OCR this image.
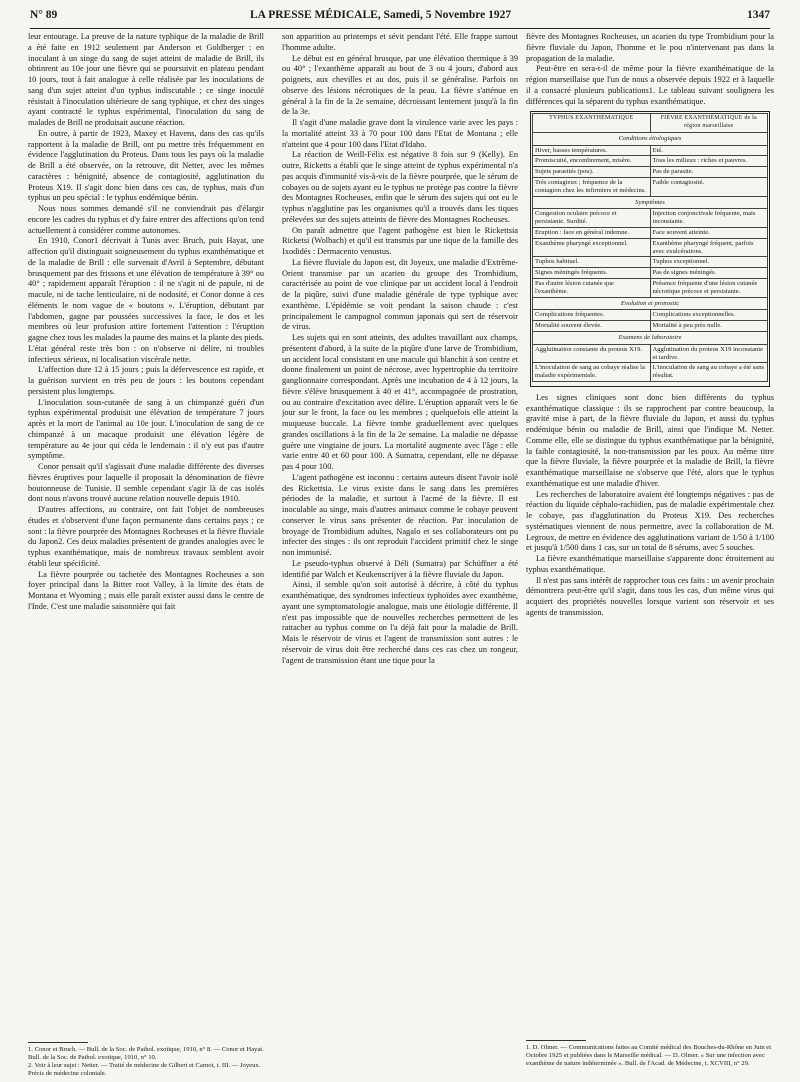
N° 89	LA PRESSE MÉDICALE, Samedi, 5 Novembre 1927	1347

leur entourage. La preuve de la nature typhique de la maladie de Brill a été faite en 1912 seulement par Anderson et Goldberger : en inoculant à un singe du sang de sujet atteint de maladie de Brill, ils obtinrent au 10e jour une fièvre qui se poursuivit en plateau pendant 10 jours, tout à fait analogue à celle réalisée par les inoculations de sang d'un sujet atteint d'un typhus indiscutable ; ce singe inoculé résistait à l'inoculation ultérieure de sang typhique, et chez des singes ayant contracté le typhus expérimental, l'inoculation du sang de malades de Brill ne produisait aucune réaction.

En outre, à partir de 1923, Maxey et Havens, dans des cas qu'ils rapportent à la maladie de Brill, ont pu mettre très fréquemment en évidence l'agglutination du Proteus. Dans tous les pays où la maladie de Brill a été observée, on la retrouve, dit Netter, avec les mêmes caractères : bénignité, absence de contagiosité, agglutination du Proteus X19. Il s'agit donc bien dans ces cas, de typhus, mais d'un typhus un peu spécial : le typhus endémique bénin.

Nous nous sommes demandé s'il ne conviendrait pas d'élargir encore les cadres du typhus et d'y faire entrer des affections qu'on tend actuellement à considérer comme autonomes.

En 1910, Conor1 décrivait à Tunis avec Bruch, puis Hayat, une affection qu'il distinguait soigneusement du typhus exanthématique et de la maladie de Brill : elle survenait d'Avril à Septembre, débutant brusquement par des frissons et une élévation de température à 39° ou 40° ; rapidement apparaît l'éruption : il ne s'agit ni de papule, ni de macule, ni de tache lenticulaire, ni de nodosité, et Conor donne à ces éléments le nom vague de « boutons ». L'éruption, débutant par l'abdomen, gagne par poussées successives la face, le dos et les membres où leur profusion attire fortement l'attention : l'éruption gagne chez tous les malades la paume des mains et la plante des pieds. L'état général reste très bon : on n'observe ni délire, ni troubles infectieux sérieux, ni localisation viscérale nette.

L'affection dure 12 à 15 jours ; puis la défervescence est rapide, et la guérison survient en très peu de jours : les boutons cependant persistent plus longtemps.

L'inoculation sous-cutanée de sang à un chimpanzé guéri d'un typhus expérimental produisit une élévation de température 7 jours après et la mort de l'animal au 10e jour. L'inoculation de sang de ce chimpanzé à un macaque produisit une élévation légère de température au 4e jour qui céda le lendemain : il n'y eut pas d'autre symptôme.

Conor pensait qu'il s'agissait d'une maladie différente des diverses fièvres éruptives pour laquelle il proposait la dénomination de fièvre boutonneuse de Tunisie. Il semble cependant s'agir là de cas isolés dont nous n'avons trouvé aucune relation nouvelle depuis 1910.

D'autres affections, au contraire, ont fait l'objet de nombreuses études et s'observent d'une façon permanente dans certains pays ; ce sont : la fièvre pourprée des Montagnes Rocheuses et la fièvre fluviale du Japon2. Ces deux maladies présentent de grandes analogies avec le typhus exanthématique, mais de nombreux travaux semblent avoir établi leur spécificité.

La fièvre pourprée ou tachetée des Montagnes Rocheuses a son foyer principal dans la Bitter root Valley, à la limite des états de Montana et Wyoming ; mais elle paraît exister aussi dans le centre de l'Inde. C'est une maladie saisonnière qui fait

1. Conor et Bruch. — Bull. de la Soc. de Pathol. exotique, 1910, n° 8. — Conor et Hayat. Bull. de la Soc. de Pathol. exotique, 1910, n° 10.
2. Voir à leur sujet : Netter. — Traité de médecine de Gilbert et Carnot, t. III. — Joyeux. Précis de médecine coloniale.

son apparition au printemps et sévit pendant l'été. Elle frappe surtout l'homme adulte.

Le début est en général brusque, par une élévation thermique à 39 ou 40° ; l'exanthème apparaît au bout de 3 ou 4 jours, d'abord aux poignets, aux chevilles et au dos, puis il se généralise. Parfois on observe des lésions nécrotiques de la peau. La fièvre s'atténue en général à la fin de la 2e semaine, décroissant lentement jusqu'à la fin de la 3e.

Il s'agit d'une maladie grave dont la virulence varie avec les pays : la mortalité atteint 33 à 70 pour 100 dans l'Etat de Montana ; elle n'atteint que 4 pour 100 dans l'Etat d'Idaho.

La réaction de Weill-Félix est négative 8 fois sur 9 (Kelly). En outre, Ricketts a établi que le singe atteint de typhus expérimental n'a pas acquis d'immunité vis-à-vis de la fièvre pourprée, que le sérum de cobayes ou de sujets ayant eu le typhus ne protège pas contre la fièvre des Montagnes Rocheuses, enfin que le sérum des sujets qui ont eu le typhus n'agglutine pas les organismes qu'il a trouvés dans les tiques prélevées sur des sujets atteints de fièvre des Montagnes Rocheuses.

On paraît admettre que l'agent pathogène est bien le Rickettsia Ricketsi (Wolbach) et qu'il est transmis par une tique de la famille des Ixodidés : Dermacento venustus.

La fièvre fluviale du Japon est, dit Joyeux, une maladie d'Extrême-Orient transmise par un acarien du groupe des Trombidium, caractérisée au point de vue clinique par un accident local à l'endroit de la piqûre, suivi d'une maladie générale de type typhique avec exanthème. L'épidémie se voit pendant la saison chaude : c'est principalement le campagnol commun japonais qui sert de réservoir de virus.

Les sujets qui en sont atteints, des adultes travaillant aux champs, présentent d'abord, à la suite de la piqûre d'une larve de Trombidium, un accident local consistant en une macule qui blanchit à son centre et donne finalement un point de nécrose, avec hypertrophie du territoire ganglionnaire correspondant. Après une incubation de 4 à 12 jours, la fièvre s'élève brusquement à 40 et 41°, accompagnée de prostration, ou au contraire d'excitation avec délire. L'éruption apparaît vers le 6e jour sur le front, la face ou les membres ; quelquefois elle atteint la muqueuse buccale. La fièvre tombe graduellement avec quelques grandes oscillations à la fin de la 2e semaine. La maladie ne dépasse guère une vingtaine de jours. La mortalité augmente avec l'âge : elle varie entre 40 et 60 pour 100. A Sumatra, cependant, elle ne dépasse pas 4 pour 100.

L'agent pathogène est inconnu : certains auteurs disent l'avoir isolé des Rickettsia. Le virus existe dans le sang dans les premières périodes de la maladie, et surtout à l'acmé de la fièvre. Il est inoculable au singe, mais d'autres animaux comme le cobaye peuvent conserver le virus sans présenter de réaction. Par inoculation de broyage de Trombidium adultes, Nagalo et ses collaborateurs ont pu infecter des singes : ils ont reproduit l'accident primitif chez le singe non immunisé.

Le pseudo-typhus observé à Déli (Sumatra) par Schüffner a été identifié par Walch et Keukenscrijver à la fièvre fluviale du Japon.

Ainsi, il semble qu'on soit autorisé à décrire, à côté du typhus exanthématique, des syndromes infectieux typhoïdes avec exanthème, ayant une symptomatologie analogue, mais une étiologie différente. Il n'est pas impossible que de nouvelles recherches permettent de les rattacher au typhus comme on l'a déjà fait pour la maladie de Brill. Mais le réservoir de virus et l'agent de transmission sont autres : le réservoir de virus doit être recherché dans ces cas chez un rongeur, l'agent de transmission étant une tique pour la

fièvre des Montagnes Rocheuses, un acarien du type Trombidium pour la fièvre fluviale du Japon, l'homme et le pou n'intervenant pas dans la propagation de la maladie.

Peut-être en sera-t-il de même pour la fièvre exanthématique de la région marseillaise que l'un de nous a observée depuis 1922 et à laquelle il a consacré plusieurs publications1. Le tableau suivant soulignera les différences qui la séparent du typhus exanthématique.

TYPHUS EXANTHÉMATIQUE	FIÈVRE EXANTHÉMATIQUE de la région marseillaise
Conditions étiologiques	
Hiver, basses températures.	Eté.
Promiscuité, encombrement, misère.	Tous les milieux : riches et pauvres.
Sujets parasités (pou).	Pas de parasite.
Très contagieux ; fréquence de la contagion chez les infirmiers et médecins.	Faible contagiosité.
Symptômes	
Congestion oculaire précoce et persistante. Surdité.	Injection conjonctivale fréquente, mais inconstante.
Eruption : face en général indemne.	Face souvent atteinte.
Exanthème pharyngé exceptionnel.	Exanthème pharyngé fréquent, parfois avec exulcérations.
Tuphos habituel.	Tuphos exceptionnel.
Signes méningés fréquents.	Pas de signes méningés.
Pas d'autre lésion cutanée que l'exanthème.	Présence fréquente d'une lésion cutanée nécrotique précoce et persistante.
Evolution et pronostic	
Complications fréquentes.	Complications exceptionnelles.
Mortalité souvent élevée.	Mortalité à peu près nulle.
Examens de laboratoire	
Agglutination constante du proteus X19.	Agglutination du proteus X19 inconstante et tardive.
L'inoculation de sang au cobaye réalise la maladie expérimentale.	L'inoculation de sang au cobaye a été sans résultat.

Les signes cliniques sont donc bien différents du typhus exanthématique classique : ils se rapprochent par contre beaucoup, la gravité mise à part, de la fièvre fluviale du Japon, et aussi du typhus endémique bénin ou maladie de Brill, ainsi que l'indique M. Netter. Comme elle, elle se distingue du typhus exanthématique par la bénignité, la faible contagiosité, la non-transmission par les poux. Au même titre que la fièvre fluviale, la fièvre pourprée et la maladie de Brill, la fièvre exanthématique marseillaise ne s'observe que l'été, alors que le typhus exanthématique est une maladie d'hiver.

Les recherches de laboratoire avaient été longtemps négatives : pas de réaction du liquide céphalo-rachidien, pas de maladie expérimentale chez le cobaye, pas d'agglutination du Proteus X19. Des recherches systématiques viennent de nous permettre, avec la collaboration de M. Legroux, de mettre en évidence des agglutinations variant de 1/50 à 1/100 et jusqu'à 1/500 dans 1 cas, sur un total de 8 sérums, avec 5 souches.

La fièvre exanthématique marseillaise s'apparente donc étroitement au typhus exanthématique.

Il n'est pas sans intérêt de rapprocher tous ces faits : un avenir prochain démontrera peut-être qu'il s'agit, dans tous les cas, d'un même virus qui acquiert des propriétés nouvelles lorsque varient son réservoir et ses agents de transmission.

1. D. Olmer. — Communications faites au Comité médical des Bouches-du-Rhône en Juin et Octobre 1925 et publiées dans le Marseille médical. — D. Olmer. « Sur une infection avec exanthème de nature indéterminée ». Bull. de l'Acad. de Médecine, t. XCVIII, n° 29.
